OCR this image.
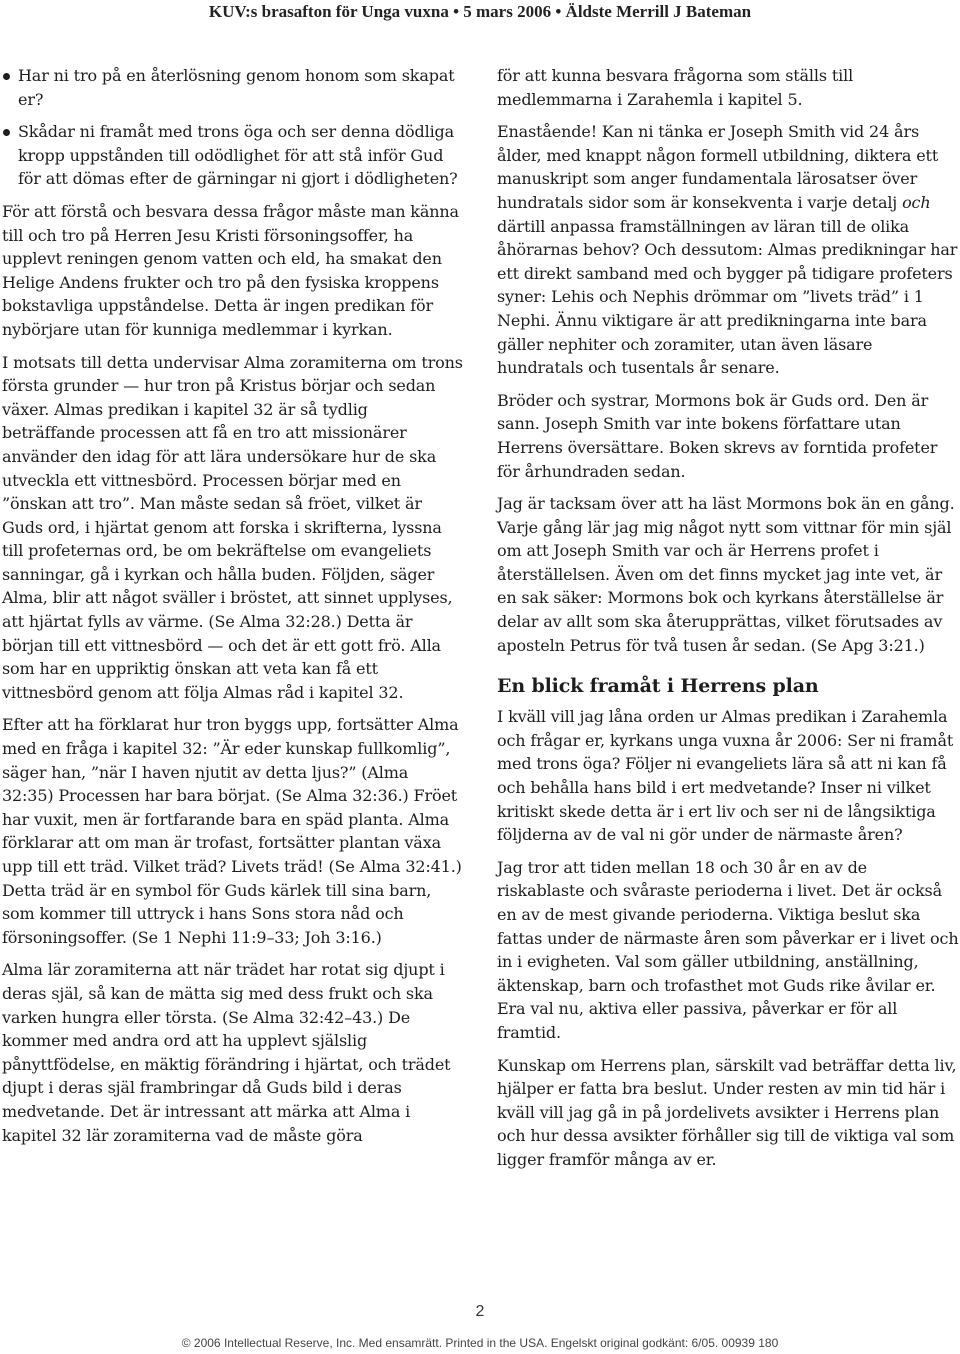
KUV:s brasafton för Unga vuxna • 5 mars 2006 • Äldste Merrill J Bateman
Har ni tro på en återlösning genom honom som skapat er?
Skådar ni framåt med trons öga och ser denna dödliga kropp uppstånden till odödlighet för att stå inför Gud för att dömas efter de gärningar ni gjort i dödligheten?

För att förstå och besvara dessa frågor måste man känna till och tro på Herren Jesu Kristi försoningsoffer, ha upplevt reningen genom vatten och eld, ha smakat den Helige Andens frukter och tro på den fysiska kroppens bokstavliga uppståndelse. Detta är ingen predikan för nybörjare utan för kunniga medlemmar i kyrkan.

I motsats till detta undervisar Alma zoramiterna om trons första grunder — hur tron på Kristus börjar och sedan växer. Almas predikan i kapitel 32 är så tydlig beträffande processen att få en tro att missionärer använder den idag för att lära undersökare hur de ska utveckla ett vittnesbörd. Processen börjar med en ”önskan att tro”. Man måste sedan så fröet, vilket är Guds ord, i hjärtat genom att forska i skrifterna, lyssna till profeternas ord, be om bekräftelse om evangeliets sanningar, gå i kyrkan och hålla buden. Följden, säger Alma, blir att något sväller i bröstet, att sinnet upplyses, att hjärtat fylls av värme. (Se Alma 32:28.) Detta är början till ett vittnesbörd — och det är ett gott frö. Alla som har en uppriktig önskan att veta kan få ett vittnesbörd genom att följa Almas råd i kapitel 32.

Efter att ha förklarat hur tron byggs upp, fortsätter Alma med en fråga i kapitel 32: ”Är eder kunskap fullkomlig”, säger han, ”när I haven njutit av detta ljus?” (Alma 32:35) Processen har bara börjat. (Se Alma 32:36.) Fröet har vuxit, men är fortfarande bara en späd planta. Alma förklarar att om man är trofast, fortsätter plantan växa upp till ett träd. Vilket träd? Livets träd! (Se Alma 32:41.) Detta träd är en symbol för Guds kärlek till sina barn, som kommer till uttryck i hans Sons stora nåd och försoningsoffer. (Se 1 Nephi 11:9–33; Joh 3:16.)

Alma lär zoramiterna att när trädet har rotat sig djupt i deras själ, så kan de mätta sig med dess frukt och ska varken hungra eller törsta. (Se Alma 32:42–43.) De kommer med andra ord att ha upplevt själslig pånyttfödelse, en mäktig förändring i hjärtat, och trädet djupt i deras själ frambringar då Guds bild i deras medvetande. Det är intressant att märka att Alma i kapitel 32 lär zoramiterna vad de måste göra

för att kunna besvara frågorna som ställs till medlemmarna i Zarahemla i kapitel 5.

Enastående! Kan ni tänka er Joseph Smith vid 24 års ålder, med knappt någon formell utbildning, diktera ett manuskript som anger fundamentala lärosatser över hundratals sidor som är konsekventa i varje detalj och därtill anpassa framställningen av läran till de olika åhörarnas behov? Och dessutom: Almas predikningar har ett direkt samband med och bygger på tidigare profeters syner: Lehis och Nephis drömmar om ”livets träd” i 1 Nephi. Ännu viktigare är att predikningarna inte bara gäller nephiter och zoramiter, utan även läsare hundratals och tusentals år senare.

Bröder och systrar, Mormons bok är Guds ord. Den är sann. Joseph Smith var inte bokens författare utan Herrens översättare. Boken skrevs av forntida profeter för århundraden sedan.

Jag är tacksam över att ha läst Mormons bok än en gång. Varje gång lär jag mig något nytt som vittnar för min själ om att Joseph Smith var och är Herrens profet i återställelsen. Även om det finns mycket jag inte vet, är en sak säker: Mormons bok och kyrkans återställelse är delar av allt som ska återupprättas, vilket förutsades av aposteln Petrus för två tusen år sedan. (Se Apg 3:21.)

En blick framåt i Herrens plan

I kväll vill jag låna orden ur Almas predikan i Zarahemla och frågar er, kyrkans unga vuxna år 2006: Ser ni framåt med trons öga? Följer ni evangeliets lära så att ni kan få och behålla hans bild i ert medvetande? Inser ni vilket kritiskt skede detta är i ert liv och ser ni de långsiktiga följderna av de val ni gör under de närmaste åren?

Jag tror att tiden mellan 18 och 30 år en av de riskablaste och svåraste perioderna i livet. Det är också en av de mest givande perioderna. Viktiga beslut ska fattas under de närmaste åren som påverkar er i livet och in i evigheten. Val som gäller utbildning, anställning, äktenskap, barn och trofasthet mot Guds rike åvilar er. Era val nu, aktiva eller passiva, påverkar er för all framtid.

Kunskap om Herrens plan, särskilt vad beträffar detta liv, hjälper er fatta bra beslut. Under resten av min tid här i kväll vill jag gå in på jordelivets avsikter i Herrens plan och hur dessa avsikter förhåller sig till de viktiga val som ligger framför många av er.

2
© 2006 Intellectual Reserve, Inc. Med ensamrätt. Printed in the USA. Engelskt original godkänt: 6/05. 00939 180
